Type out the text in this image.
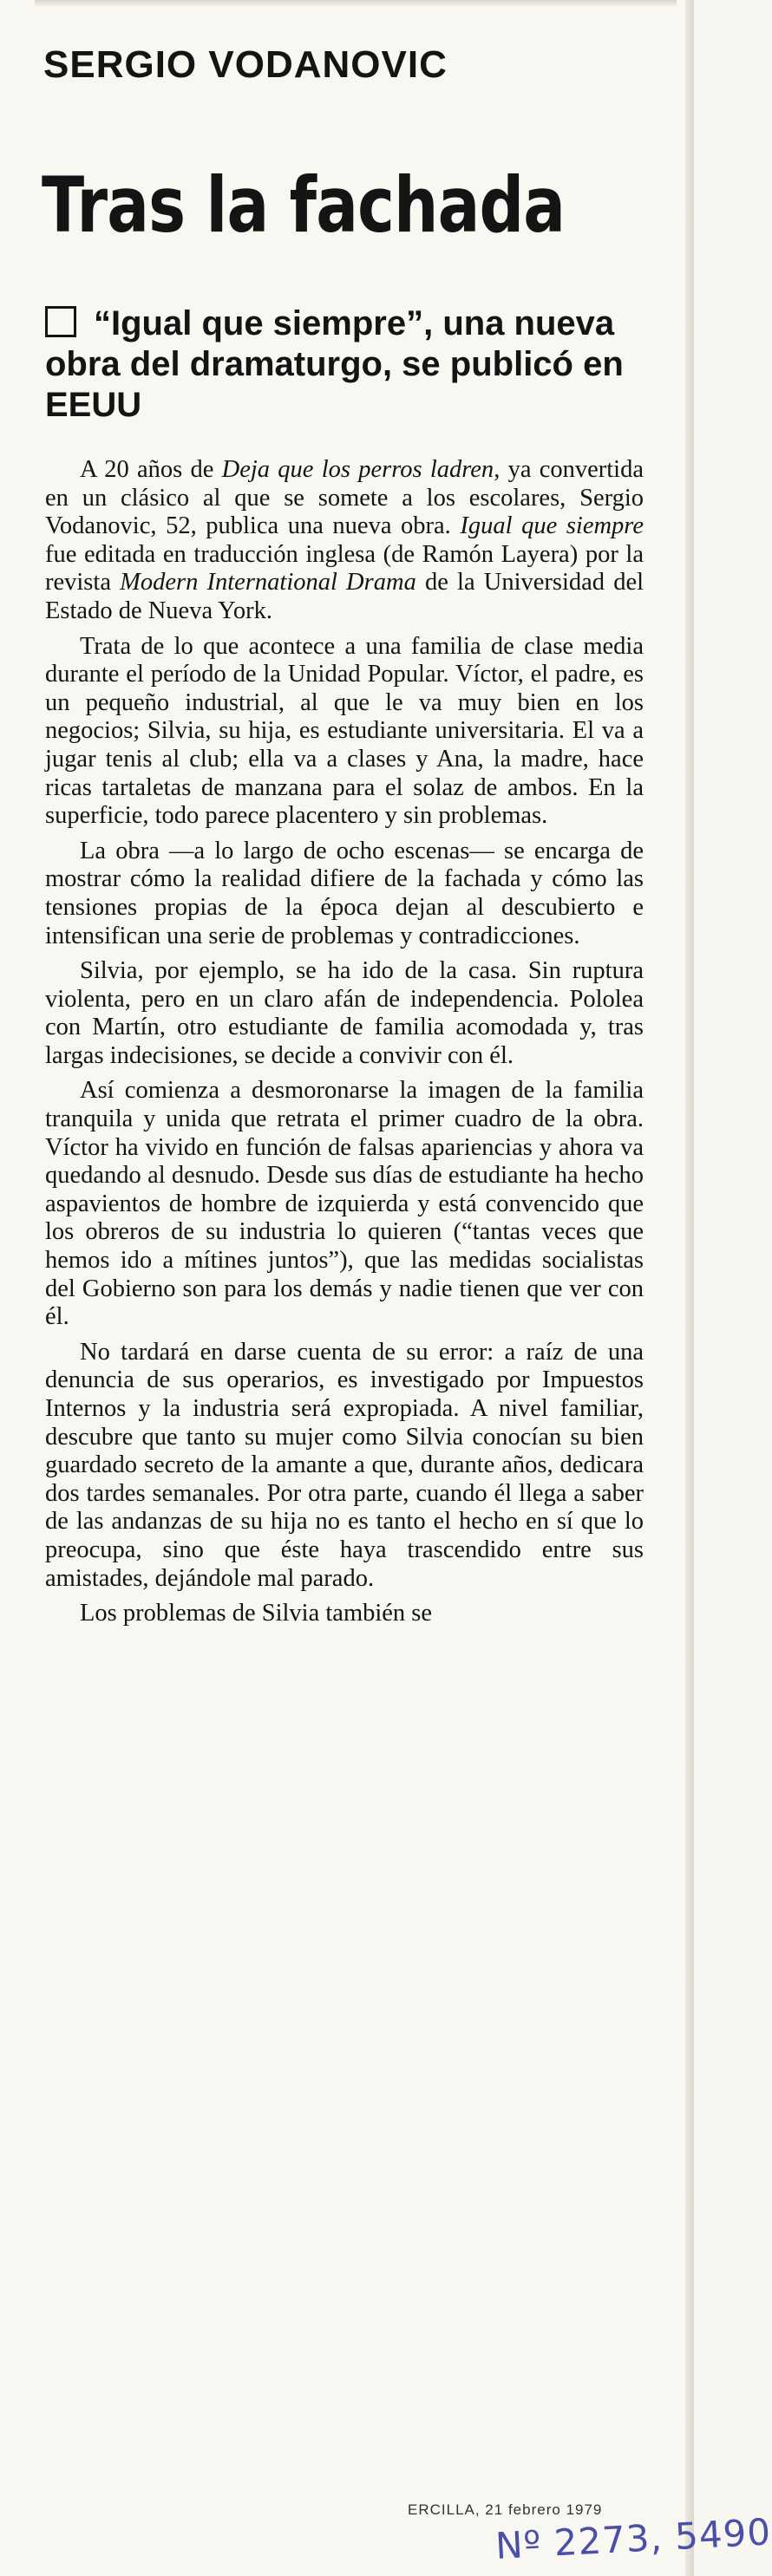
SERGIO VODANOVIC
Tras la fachada
“Igual que siempre”, una nueva obra del dramaturgo, se publicó en EEUU

A 20 años de Deja que los perros ladren, ya convertida en un clásico al que se somete a los escolares, Sergio Vodanovic, 52, publica una nueva obra. Igual que siempre fue editada en traducción inglesa (de Ramón Layera) por la revista Modern International Drama de la Universidad del Estado de Nueva York.

Trata de lo que acontece a una familia de clase media durante el período de la Unidad Popular. Víctor, el padre, es un pequeño industrial, al que le va muy bien en los negocios; Silvia, su hija, es estudiante universitaria. El va a jugar tenis al club; ella va a clases y Ana, la madre, hace ricas tartaletas de manzana para el solaz de ambos. En la superficie, todo parece placentero y sin problemas.

La obra —a lo largo de ocho escenas— se encarga de mostrar cómo la realidad difiere de la fachada y cómo las tensiones propias de la época dejan al descubierto e intensifican una serie de problemas y contradicciones.

Silvia, por ejemplo, se ha ido de la casa. Sin ruptura violenta, pero en un claro afán de independencia. Pololea con Martín, otro estudiante de familia acomodada y, tras largas indecisiones, se decide a convivir con él.

Así comienza a desmoronarse la imagen de la familia tranquila y unida que retrata el primer cuadro de la obra. Víctor ha vivido en función de falsas apariencias y ahora va quedando al desnudo. Desde sus días de estudiante ha hecho aspavientos de hombre de izquierda y está convencido que los obreros de su industria lo quieren (“tantas veces que hemos ido a mítines juntos”), que las medidas socialistas del Gobierno son para los demás y nadie tienen que ver con él.

No tardará en darse cuenta de su error: a raíz de una denuncia de sus operarios, es investigado por Impuestos Internos y la industria será expropiada. A nivel familiar, descubre que tanto su mujer como Silvia conocían su bien guardado secreto de la amante a que, durante años, dedicara dos tardes semanales. Por otra parte, cuando él llega a saber de las andanzas de su hija no es tanto el hecho en sí que lo preocupa, sino que éste haya trascendido entre sus amistades, dejándole mal parado.

Los problemas de Silvia también se

ERCILLA, 21 febrero 1979
Nº 2273, 5490
